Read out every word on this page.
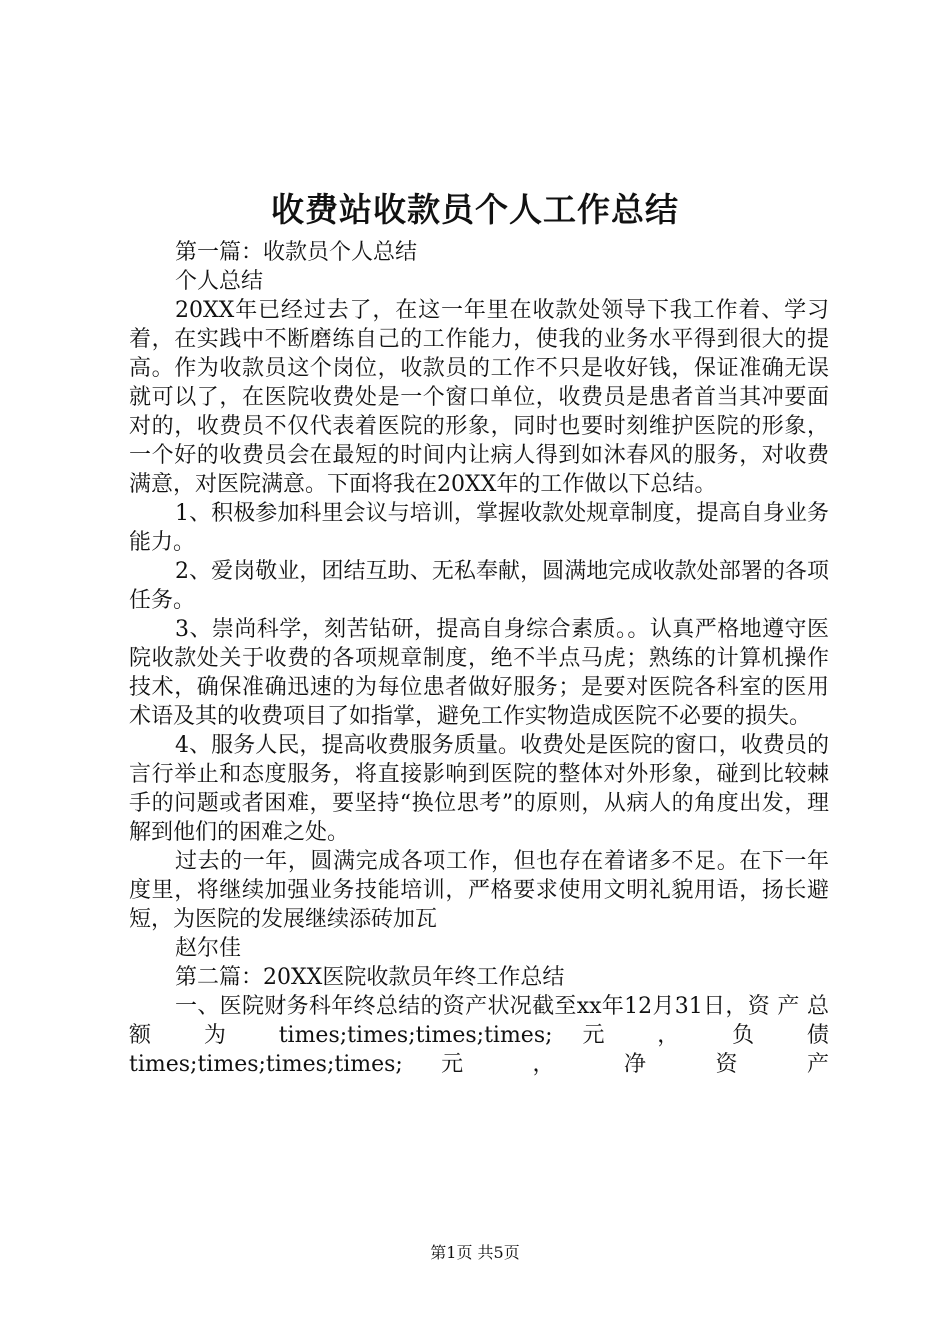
收费站收款员个人工作总结

第一篇：收款员个人总结

个人总结

20XX年已经过去了，在这一年里在收款处领导下我工作着、学习着，在实践中不断磨练自己的工作能力，使我的业务水平得到很大的提高。作为收款员这个岗位，收款员的工作不只是收好钱，保证准确无误就可以了，在医院收费处是一个窗口单位，收费员是患者首当其冲要面对的，收费员不仅代表着医院的形象，同时也要时刻维护医院的形象，一个好的收费员会在最短的时间内让病人得到如沐春风的服务，对收费满意，对医院满意。下面将我在20XX年的工作做以下总结。

1、积极参加科里会议与培训，掌握收款处规章制度，提高自身业务能力。

2、爱岗敬业，团结互助、无私奉献，圆满地完成收款处部署的各项任务。

3、崇尚科学，刻苦钻研，提高自身综合素质。。认真严格地遵守医院收款处关于收费的各项规章制度，绝不半点马虎；熟练的计算机操作技术，确保准确迅速的为每位患者做好服务；是要对医院各科室的医用术语及其的收费项目了如指掌，避免工作实物造成医院不必要的损失。

4、服务人民，提高收费服务质量。收费处是医院的窗口，收费员的言行举止和态度服务，将直接影响到医院的整体对外形象，碰到比较棘手的问题或者困难，要坚持“换位思考”的原则，从病人的角度出发，理解到他们的困难之处。

过去的一年，圆满完成各项工作，但也存在着诸多不足。在下一年度里，将继续加强业务技能培训，严格要求使用文明礼貌用语，扬长避短，为医院的发展继续添砖加瓦

赵尔佳

第二篇：20XX医院收款员年终工作总结

一、医院财务科年终总结的资产状况截至xx年12月31日，资 产 总 额 为 times;times;times;times; 元 ， 负 债 times;times;times;times; 元 ， 净 资 产

第1页 共5页
